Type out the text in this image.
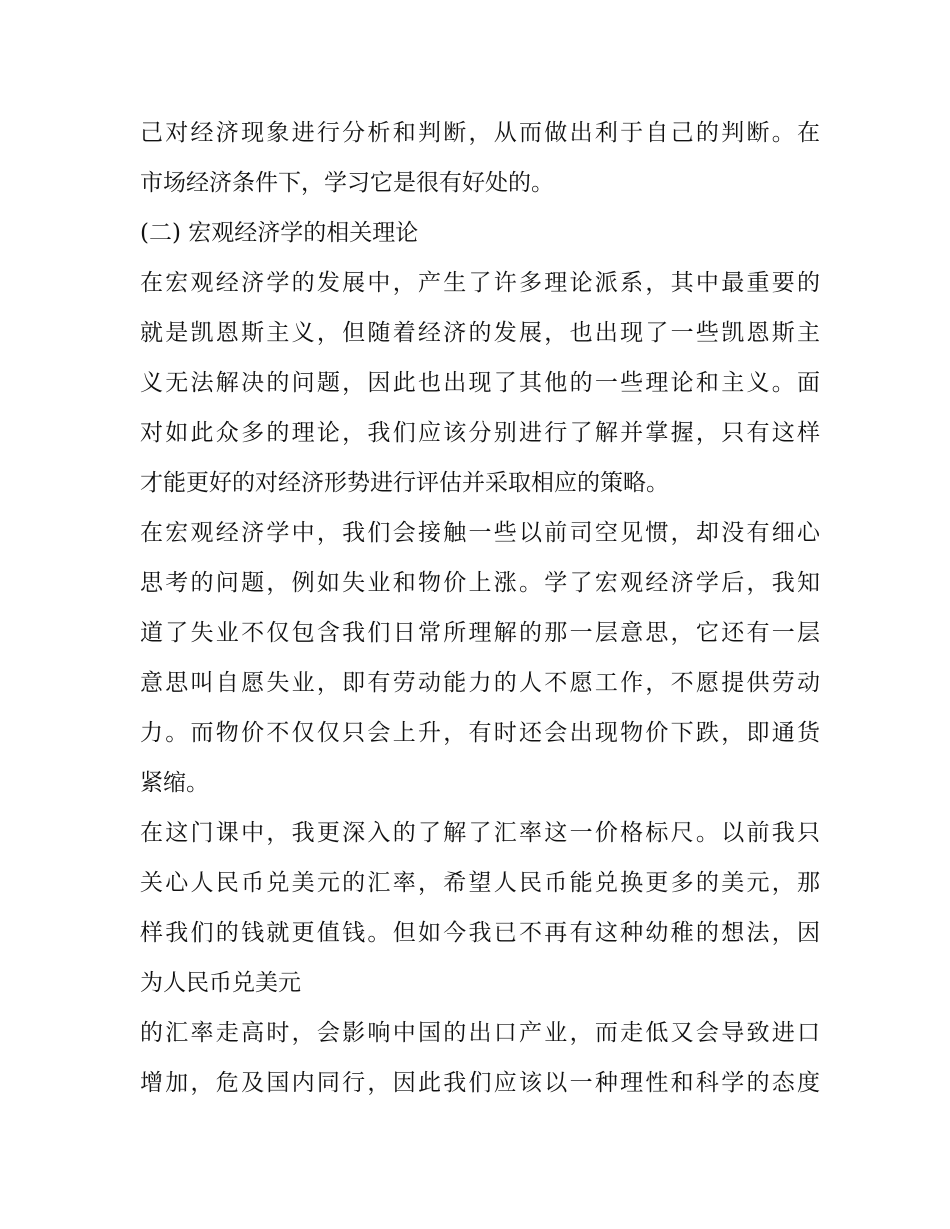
己对经济现象进行分析和判断，从而做出利于自己的判断。在

市场经济条件下，学习它是很有好处的。

(二) 宏观经济学的相关理论

在宏观经济学的发展中，产生了许多理论派系，其中最重要的

就是凯恩斯主义，但随着经济的发展，也出现了一些凯恩斯主

义无法解决的问题，因此也出现了其他的一些理论和主义。面

对如此众多的理论，我们应该分别进行了解并掌握，只有这样

才能更好的对经济形势进行评估并采取相应的策略。

在宏观经济学中，我们会接触一些以前司空见惯，却没有细心

思考的问题，例如失业和物价上涨。学了宏观经济学后，我知

道了失业不仅包含我们日常所理解的那一层意思，它还有一层

意思叫自愿失业，即有劳动能力的人不愿工作，不愿提供劳动

力。而物价不仅仅只会上升，有时还会出现物价下跌，即通货

紧缩。

在这门课中，我更深入的了解了汇率这一价格标尺。以前我只

关心人民币兑美元的汇率，希望人民币能兑换更多的美元，那

样我们的钱就更值钱。但如今我已不再有这种幼稚的想法，因

为人民币兑美元

的汇率走高时，会影响中国的出口产业，而走低又会导致进口

增加，危及国内同行，因此我们应该以一种理性和科学的态度
